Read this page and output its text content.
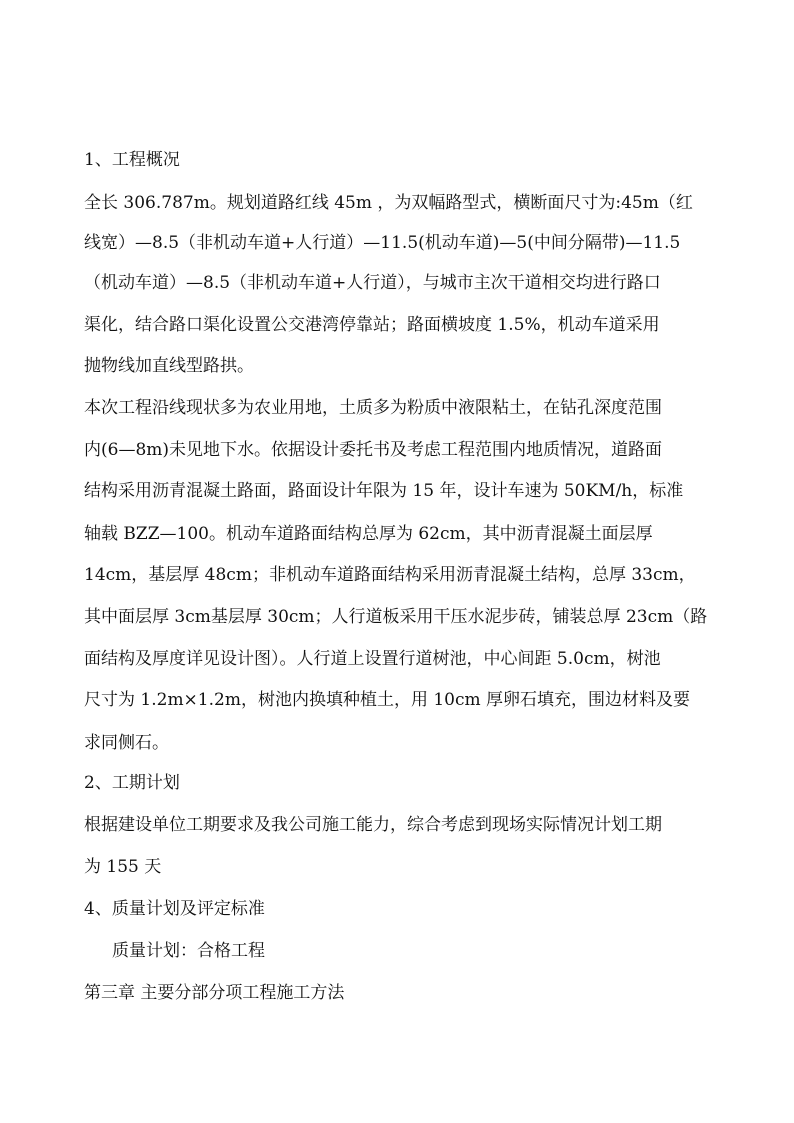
1、工程概况
全长 306.787m。规划道路红线 45m ，为双幅路型式，横断面尺寸为:45m（红
线宽）—8.5（非机动车道+人行道）—11.5(机动车道)—5(中间分隔带)—11.5
（机动车道）—8.5（非机动车道+人行道），与城市主次干道相交均进行路口
渠化，结合路口渠化设置公交港湾停靠站；路面横坡度 1.5%，机动车道采用
抛物线加直线型路拱。
本次工程沿线现状多为农业用地，土质多为粉质中液限粘土，在钻孔深度范围
内(6—8m)未见地下水。依据设计委托书及考虑工程范围内地质情况，道路面
结构采用沥青混凝土路面，路面设计年限为 15 年，设计车速为 50KM/h，标准
轴载 BZZ—100。机动车道路面结构总厚为 62cm，其中沥青混凝土面层厚
14cm，基层厚 48cm；非机动车道路面结构采用沥青混凝土结构，总厚 33cm，
其中面层厚 3cm基层厚 30cm；人行道板采用干压水泥步砖，铺装总厚 23cm（路
面结构及厚度详见设计图）。人行道上设置行道树池，中心间距 5.0cm，树池
尺寸为 1.2m×1.2m，树池内换填种植土，用 10cm 厚卵石填充，围边材料及要
求同侧石。
2、工期计划
根据建设单位工期要求及我公司施工能力，综合考虑到现场实际情况计划工期
为 155 天
4、质量计划及评定标准
质量计划：合格工程
第三章 主要分部分项工程施工方法
